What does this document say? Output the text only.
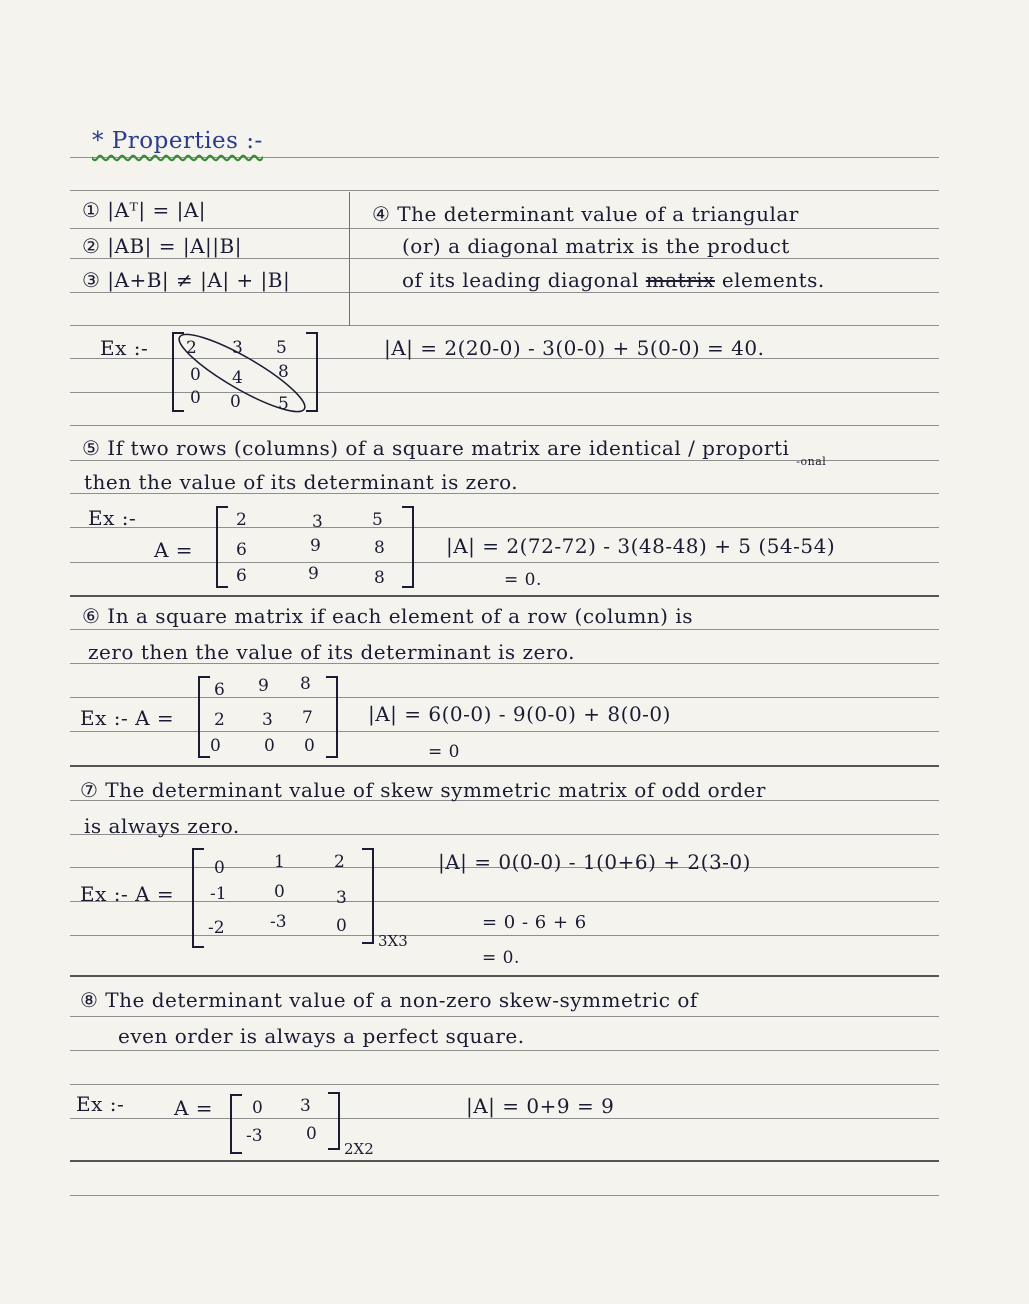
* Properties :-
① |Aᵀ| = |A|
② |AB| = |A||B|
③ |A+B| ≠ |A| + |B|
④ The determinant value of a triangular
(or) a diagonal matrix is the product
of its leading diagonal matrix elements.
Ex :- 2 3 5
0 4 8
0 0 5
|A| = 2(20-0) - 3(0-0) + 5(0-0) = 40.
⑤ If two rows (columns) of a square matrix are identical / proporti $_{-onal}$
then the value of its determinant is zero.
Ex :-
A =
2	3	5
6	9	8
6	9	8
|A| = 2(72-72) - 3(48-48) + 5 (54-54)
= 0.
⑥ In a square matrix if each element of a row (column) is
zero then the value of its determinant is zero.
Ex :- A =
6 9 8
2 3 7
0	0 0
|A| = 6(0-0) - 9(0-0) + 8(0-0)
= 0
⑦ The determinant value of skew symmetric matrix of odd order
is always zero.
Ex :- A =
0	1	2
-1	0	3
-2	-3	0
3X3
|A| = 0(0-0) - 1(0+6) + 2(3-0)
= 0 - 6 + 6
= 0.
⑧ The determinant value of a non-zero skew-symmetric of
even order is always a perfect square.
Ex :- A = 0 3
-3	0
2X2
|A| = 0+9 = 9
